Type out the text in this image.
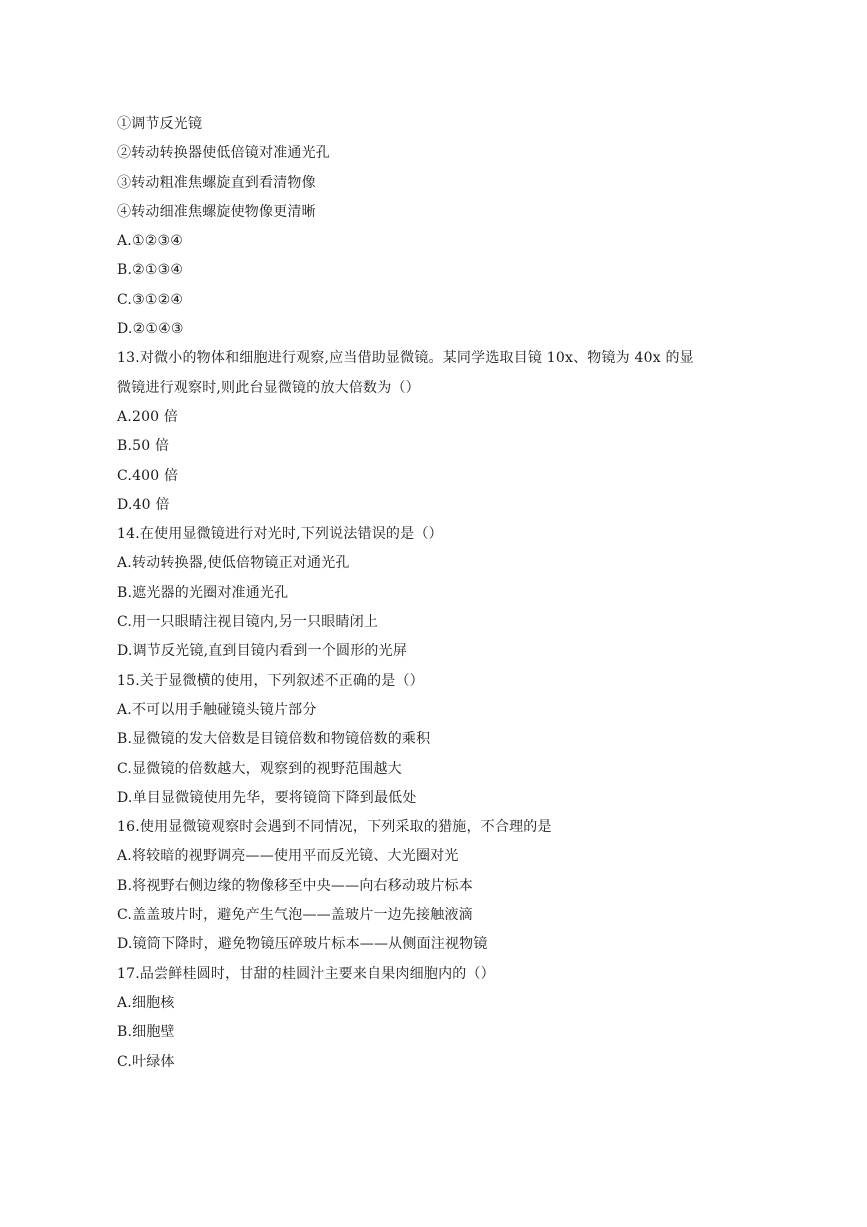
①调节反光镜
②转动转换器使低倍镜对准通光孔
③转动粗准焦螺旋直到看清物像
④转动细准焦螺旋使物像更清晰
A.①②③④
B.②①③④
C.③①②④
D.②①④③
13.对微小的物体和细胞进行观察,应当借助显微镜。某同学选取目镜 10x、物镜为 40x 的显
微镜进行观察时,则此台显微镜的放大倍数为（）
A.200 倍
B.50 倍
C.400 倍
D.40 倍
14.在使用显微镜进行对光时,下列说法错误的是（）
A.转动转换器,使低倍物镜正对通光孔
B.遮光器的光圈对准通光孔
C.用一只眼睛注视目镜内,另一只眼睛闭上
D.调节反光镜,直到目镜内看到一个圆形的光屏
15.关于显微横的使用，下列叙述不正确的是（）
A.不可以用手触碰镜头镜片部分
B.显微镜的发大倍数是目镜倍数和物镜倍数的乘积
C.显微镜的倍数越大，观察到的视野范围越大
D.单目显微镜使用先华，要将镜筒下降到最低处
16.使用显微镜观察时会遇到不同情况，下列采取的猎施，不合理的是
A.将较暗的视野调亮——使用平而反光镜、大光圈对光
B.将视野右侧边缘的物像移至中央——向右移动玻片标本
C.盖盖玻片时，避免产生气泡——盖玻片一边先接触液滴
D.镜筒下降时，避免物镜压碎玻片标本——从侧面注视物镜
17.品尝鲜桂圆时，甘甜的桂圆汁主要来自果肉细胞内的（）
A.细胞核
B.细胞壁
C.叶绿体
